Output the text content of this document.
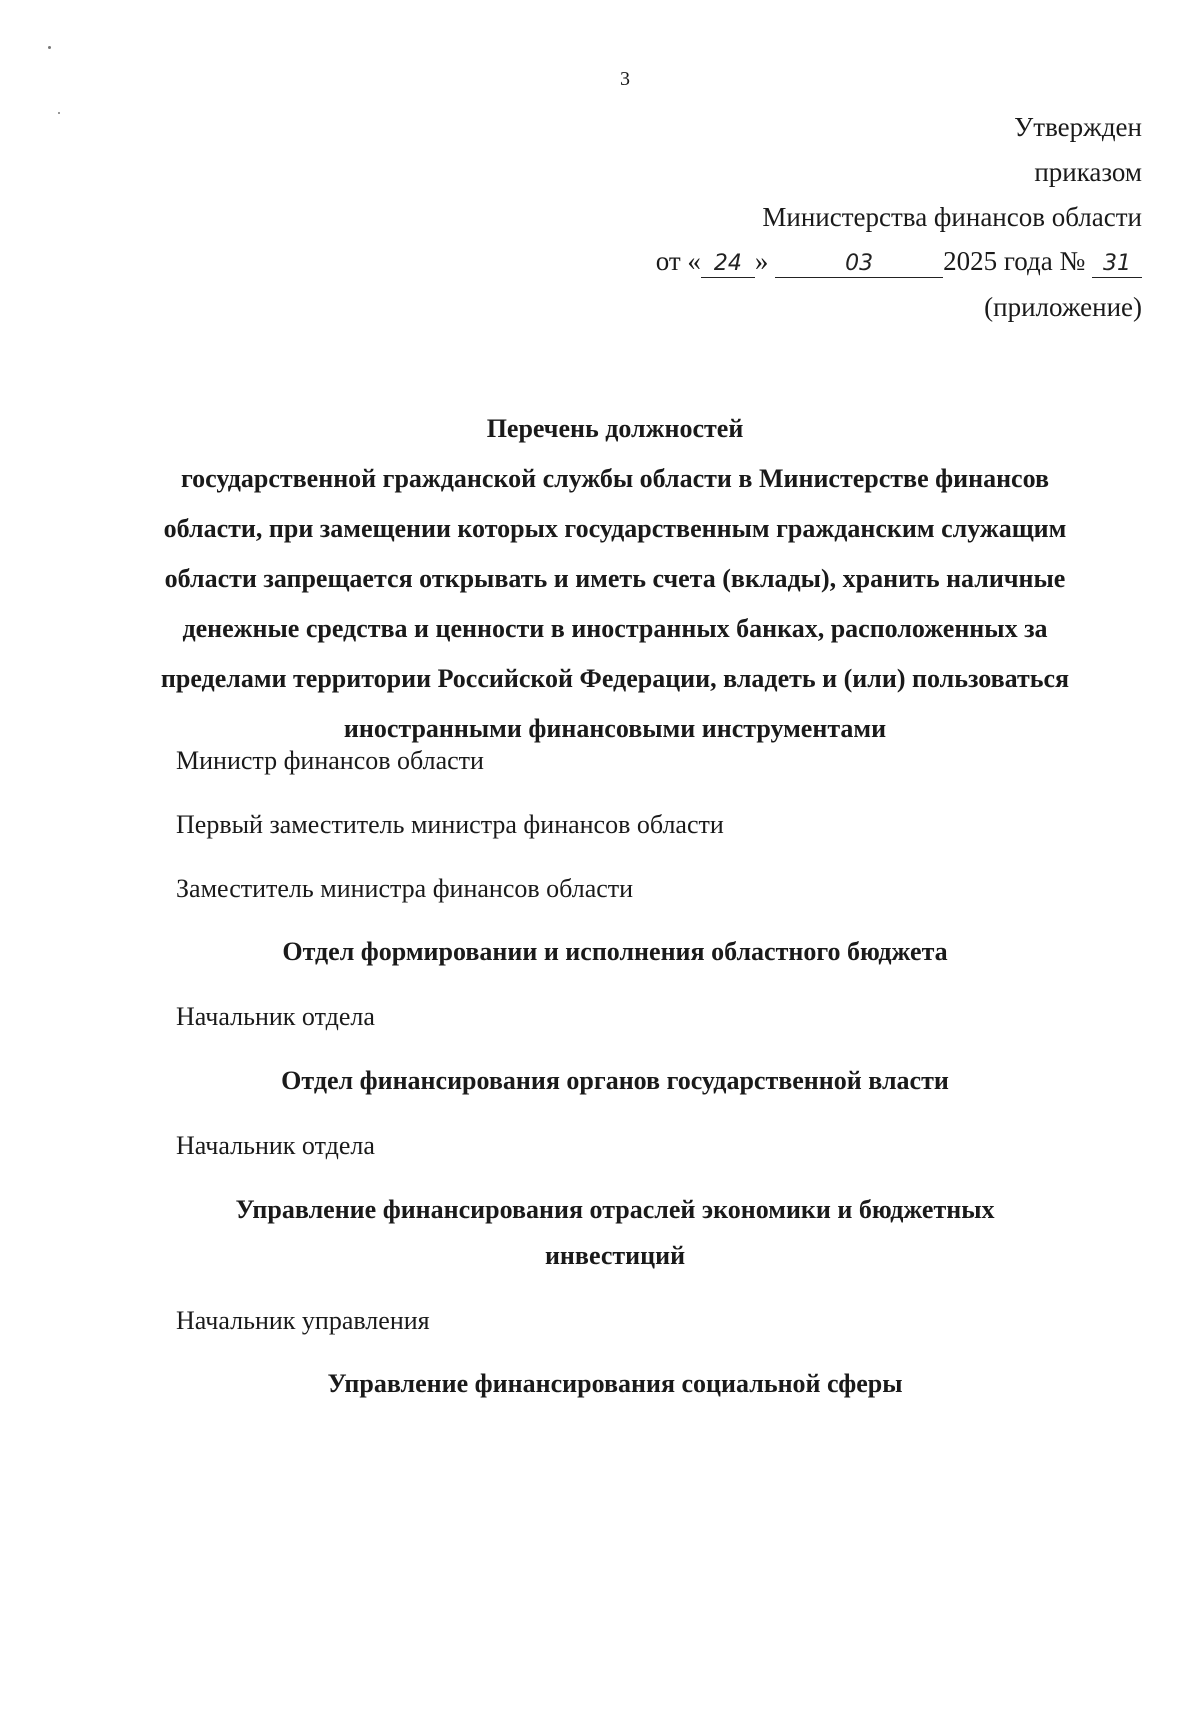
3
Утвержден
приказом
Министерства финансов области
от « 24 »	03	2025 года № 31
(приложение)
Перечень должностей
государственной гражданской службы области в Министерстве финансов
области, при замещении которых государственным гражданским служащим
области запрещается открывать и иметь счета (вклады), хранить наличные
денежные средства и ценности в иностранных банках, расположенных за
пределами территории Российской Федерации, владеть и (или) пользоваться
иностранными финансовыми инструментами
Министр финансов области
Первый заместитель министра финансов области
Заместитель министра финансов области
Отдел формировании и исполнения областного бюджета
Начальник отдела
Отдел финансирования органов государственной власти
Начальник отдела
Управление финансирования отраслей экономики и бюджетных
инвестиций
Начальник управления
Управление финансирования социальной сферы
